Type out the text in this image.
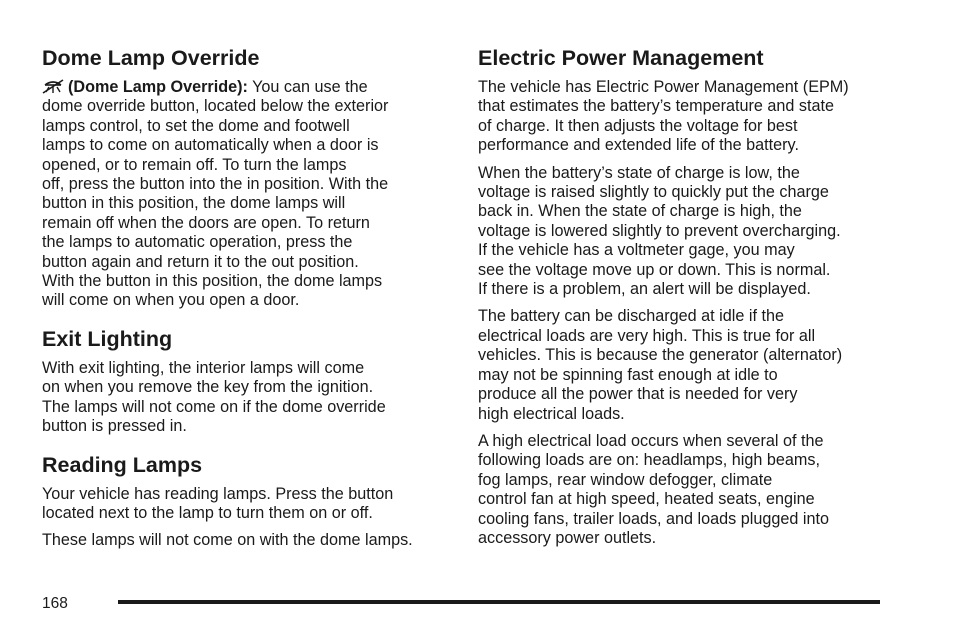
Dome Lamp Override

(Dome Lamp Override): You can use the
dome override button, located below the exterior
lamps control, to set the dome and footwell
lamps to come on automatically when a door is
opened, or to remain off. To turn the lamps
off, press the button into the in position. With the
button in this position, the dome lamps will
remain off when the doors are open. To return
the lamps to automatic operation, press the
button again and return it to the out position.
With the button in this position, the dome lamps
will come on when you open a door.

Exit Lighting

With exit lighting, the interior lamps will come
on when you remove the key from the ignition.
The lamps will not come on if the dome override
button is pressed in.

Reading Lamps

Your vehicle has reading lamps. Press the button
located next to the lamp to turn them on or off.

These lamps will not come on with the dome lamps.

Electric Power Management

The vehicle has Electric Power Management (EPM)
that estimates the battery’s temperature and state
of charge. It then adjusts the voltage for best
performance and extended life of the battery.

When the battery’s state of charge is low, the
voltage is raised slightly to quickly put the charge
back in. When the state of charge is high, the
voltage is lowered slightly to prevent overcharging.
If the vehicle has a voltmeter gage, you may
see the voltage move up or down. This is normal.
If there is a problem, an alert will be displayed.

The battery can be discharged at idle if the
electrical loads are very high. This is true for all
vehicles. This is because the generator (alternator)
may not be spinning fast enough at idle to
produce all the power that is needed for very
high electrical loads.

A high electrical load occurs when several of the
following loads are on: headlamps, high beams,
fog lamps, rear window defogger, climate
control fan at high speed, heated seats, engine
cooling fans, trailer loads, and loads plugged into
accessory power outlets.

168
